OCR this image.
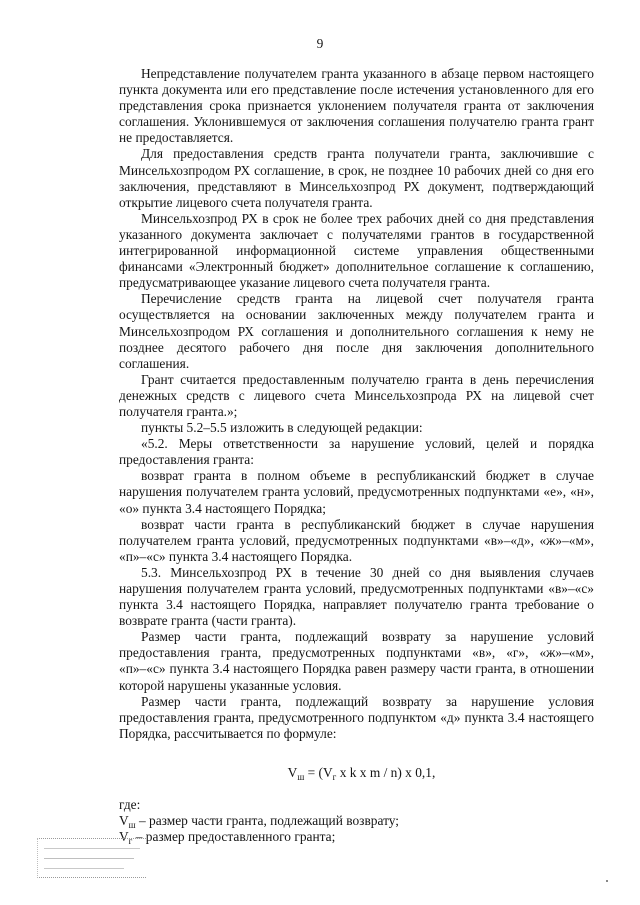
9

Непредставление получателем гранта указанного в абзаце первом настоящего пункта документа или его представление после истечения установленного для его представления срока признается уклонением получателя гранта от заключения соглашения. Уклонившемуся от заключения соглашения получателю гранта грант не предоставляется.

Для предоставления средств гранта получатели гранта, заключившие с Минсельхозпродом РХ соглашение, в срок, не позднее 10 рабочих дней со дня его заключения, представляют в Минсельхозпрод РХ документ, подтверждающий открытие лицевого счета получателя гранта.

Минсельхозпрод РХ в срок не более трех рабочих дней со дня представления указанного документа заключает с получателями грантов в государственной интегрированной информационной системе управления общественными финансами «Электронный бюджет» дополнительное соглашение к соглашению, предусматривающее указание лицевого счета получателя гранта.

Перечисление средств гранта на лицевой счет получателя гранта осуществляется на основании заключенных между получателем гранта и Минсельхозпродом РХ соглашения и дополнительного соглашения к нему не позднее десятого рабочего дня после дня заключения дополнительного соглашения.

Грант считается предоставленным получателю гранта в день перечисления денежных средств с лицевого счета Минсельхозпрода РХ на лицевой счет получателя гранта.»;

пункты 5.2–5.5 изложить в следующей редакции:

«5.2. Меры ответственности за нарушение условий, целей и порядка предоставления гранта:

возврат гранта в полном объеме в республиканский бюджет в случае нарушения получателем гранта условий, предусмотренных подпунктами «е», «н», «о» пункта 3.4 настоящего Порядка;

возврат части гранта в республиканский бюджет в случае нарушения получателем гранта условий, предусмотренных подпунктами «в»–«д», «ж»–«м», «п»–«с» пункта 3.4 настоящего Порядка.

5.3. Минсельхозпрод РХ в течение 30 дней со дня выявления случаев нарушения получателем гранта условий, предусмотренных подпунктами «в»–«с» пункта 3.4 настоящего Порядка, направляет получателю гранта требование о возврате гранта (части гранта).

Размер части гранта, подлежащий возврату за нарушение условий предоставления гранта, предусмотренных подпунктами «в», «г», «ж»–«м», «п»–«с» пункта 3.4 настоящего Порядка равен размеру части гранта, в отношении которой нарушены указанные условия.

Размер части гранта, подлежащий возврату за нарушение условия предоставления гранта, предусмотренного подпунктом «д» пункта 3.4 настоящего Порядка, рассчитывается по формуле:

$V_ш = (V_г$ х k х m / n) х 0,1,

где:

$V_ш$ – размер части гранта, подлежащий возврату;

$V_г$ – размер предоставленного гранта;
